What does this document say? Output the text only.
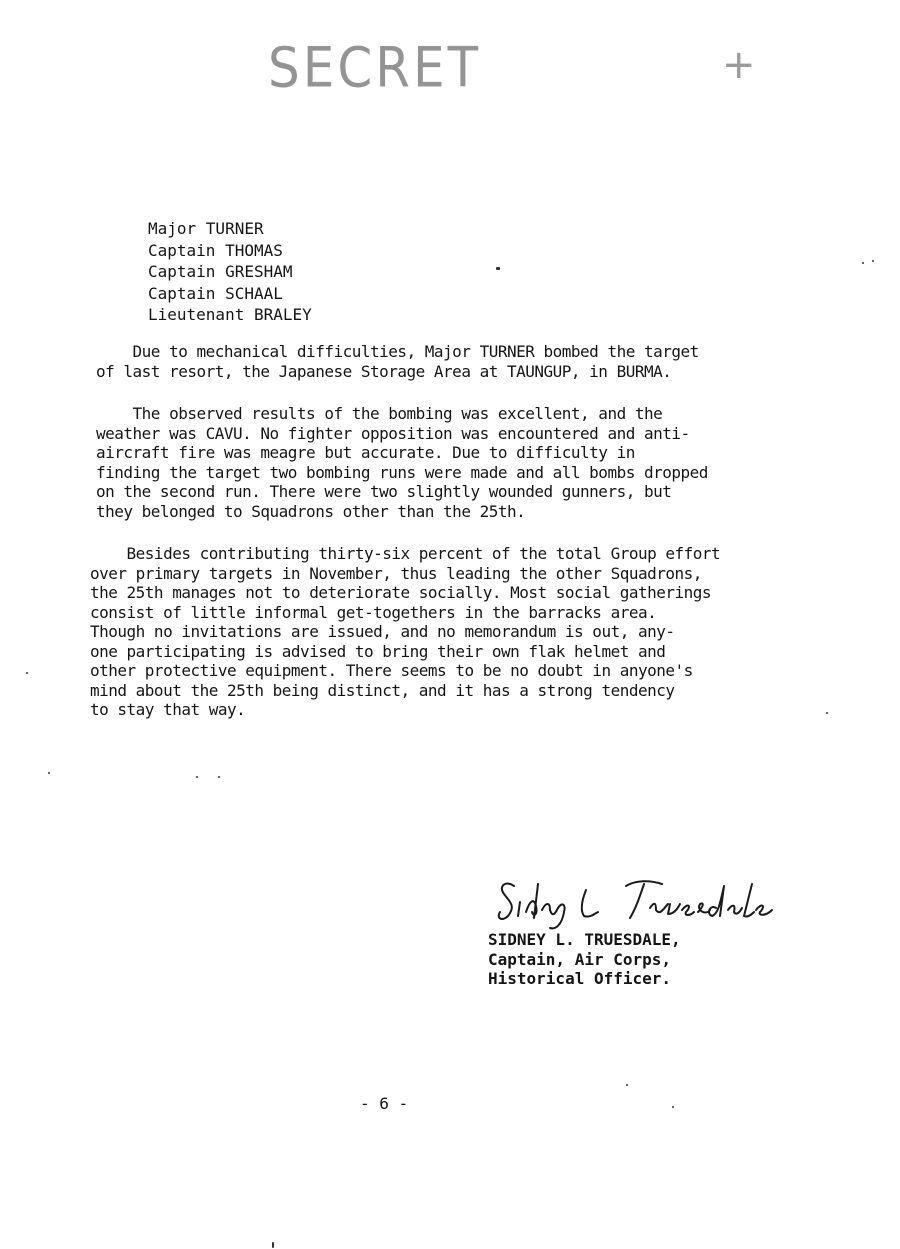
SECRET	+
Major TURNER
Captain THOMAS
Captain GRESHAM
Captain SCHAAL
Lieutenant BRALEY
Due to mechanical difficulties, Major TURNER bombed the target
of last resort, the Japanese Storage Area at TAUNGUP, in BURMA.
The observed results of the bombing was excellent, and the
weather was CAVU. No fighter opposition was encountered and anti-
aircraft fire was meagre but accurate. Due to difficulty in
finding the target two bombing runs were made and all bombs dropped
on the second run. There were two slightly wounded gunners, but
they belonged to Squadrons other than the 25th.
Besides contributing thirty-six percent of the total Group effort
over primary targets in November, thus leading the other Squadrons,
the 25th manages not to deteriorate socially. Most social gatherings
consist of little informal get-togethers in the barracks area.
Though no invitations are issued, and no memorandum is out, any-
one participating is advised to bring their own flak helmet and
other protective equipment. There seems to be no doubt in anyone's
mind about the 25th being distinct, and it has a strong tendency
to stay that way.
SIDNEY L. TRUESDALE,
Captain, Air Corps,
Historical Officer.
- 6 -
